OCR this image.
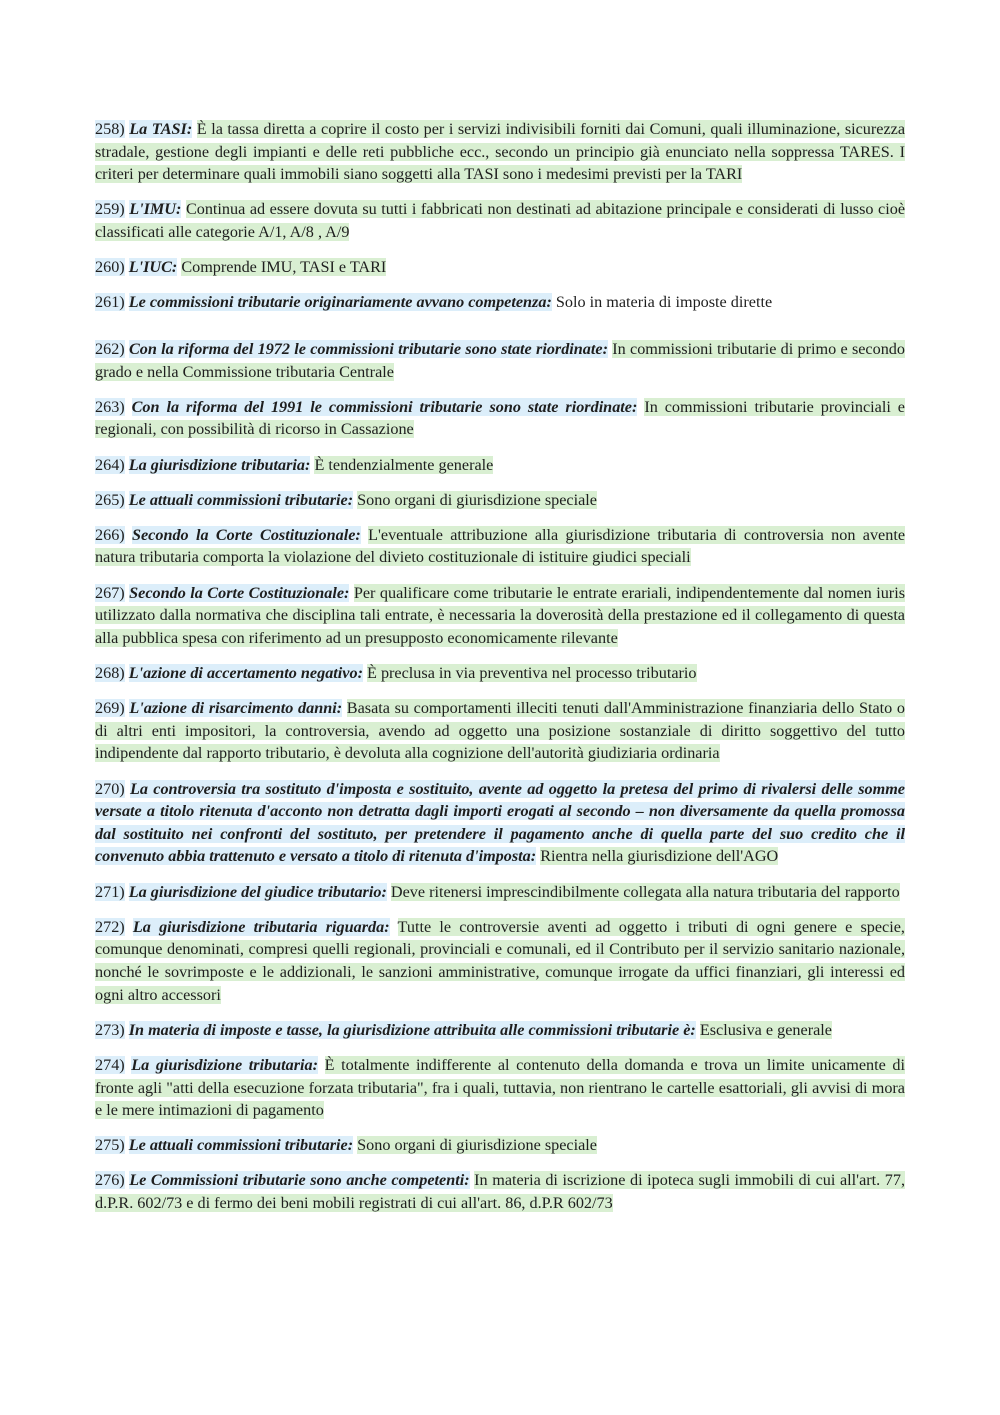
258) La TASI: È la tassa diretta a coprire il costo per i servizi indivisibili forniti dai Comuni, quali illuminazione, sicurezza stradale, gestione degli impianti e delle reti pubbliche ecc., secondo un principio già enunciato nella soppressa TARES. I criteri per determinare quali immobili siano soggetti alla TASI sono i medesimi previsti per la TARI

259) L'IMU: Continua ad essere dovuta su tutti i fabbricati non destinati ad abitazione principale e considerati di lusso cioè classificati alle categorie A/1, A/8 , A/9

260) L'IUC: Comprende IMU, TASI e TARI

261) Le commissioni tributarie originariamente avvano competenza: Solo in materia di imposte dirette

262) Con la riforma del 1972 le commissioni tributarie sono state riordinate: In commissioni tributarie di primo e secondo grado e nella Commissione tributaria Centrale

263) Con la riforma del 1991 le commissioni tributarie sono state riordinate: In commissioni tributarie provinciali e regionali, con possibilità di ricorso in Cassazione

264) La giurisdizione tributaria: È tendenzialmente generale

265) Le attuali commissioni tributarie: Sono organi di giurisdizione speciale

266) Secondo la Corte Costituzionale: L'eventuale attribuzione alla giurisdizione tributaria di controversia non avente natura tributaria comporta la violazione del divieto costituzionale di istituire giudici speciali

267) Secondo la Corte Costituzionale: Per qualificare come tributarie le entrate erariali, indipendentemente dal nomen iuris utilizzato dalla normativa che disciplina tali entrate, è necessaria la doverosità della prestazione ed il collegamento di questa alla pubblica spesa con riferimento ad un presupposto economicamente rilevante

268) L'azione di accertamento negativo: È preclusa in via preventiva nel processo tributario

269) L'azione di risarcimento danni: Basata su comportamenti illeciti tenuti dall'Amministrazione finanziaria dello Stato o di altri enti impositori, la controversia, avendo ad oggetto una posizione sostanziale di diritto soggettivo del tutto indipendente dal rapporto tributario, è devoluta alla cognizione dell'autorità giudiziaria ordinaria

270) La controversia tra sostituto d'imposta e sostituito, avente ad oggetto la pretesa del primo di rivalersi delle somme versate a titolo ritenuta d'acconto non detratta dagli importi erogati al secondo – non diversamente da quella promossa dal sostituito nei confronti del sostituto, per pretendere il pagamento anche di quella parte del suo credito che il convenuto abbia trattenuto e versato a titolo di ritenuta d'imposta: Rientra nella giurisdizione dell'AGO

271) La giurisdizione del giudice tributario: Deve ritenersi imprescindibilmente collegata alla natura tributaria del rapporto

272) La giurisdizione tributaria riguarda: Tutte le controversie aventi ad oggetto i tributi di ogni genere e specie, comunque denominati, compresi quelli regionali, provinciali e comunali, ed il Contributo per il servizio sanitario nazionale, nonché le sovrimposte e le addizionali, le sanzioni amministrative, comunque irrogate da uffici finanziari, gli interessi ed ogni altro accessori

273) In materia di imposte e tasse, la giurisdizione attribuita alle commissioni tributarie è: Esclusiva e generale

274) La giurisdizione tributaria: È totalmente indifferente al contenuto della domanda e trova un limite unicamente di fronte agli "atti della esecuzione forzata tributaria", fra i quali, tuttavia, non rientrano le cartelle esattoriali, gli avvisi di mora e le mere intimazioni di pagamento

275) Le attuali commissioni tributarie: Sono organi di giurisdizione speciale

276) Le Commissioni tributarie sono anche competenti: In materia di iscrizione di ipoteca sugli immobili di cui all'art. 77, d.P.R. 602/73 e di fermo dei beni mobili registrati di cui all'art. 86, d.P.R 602/73
